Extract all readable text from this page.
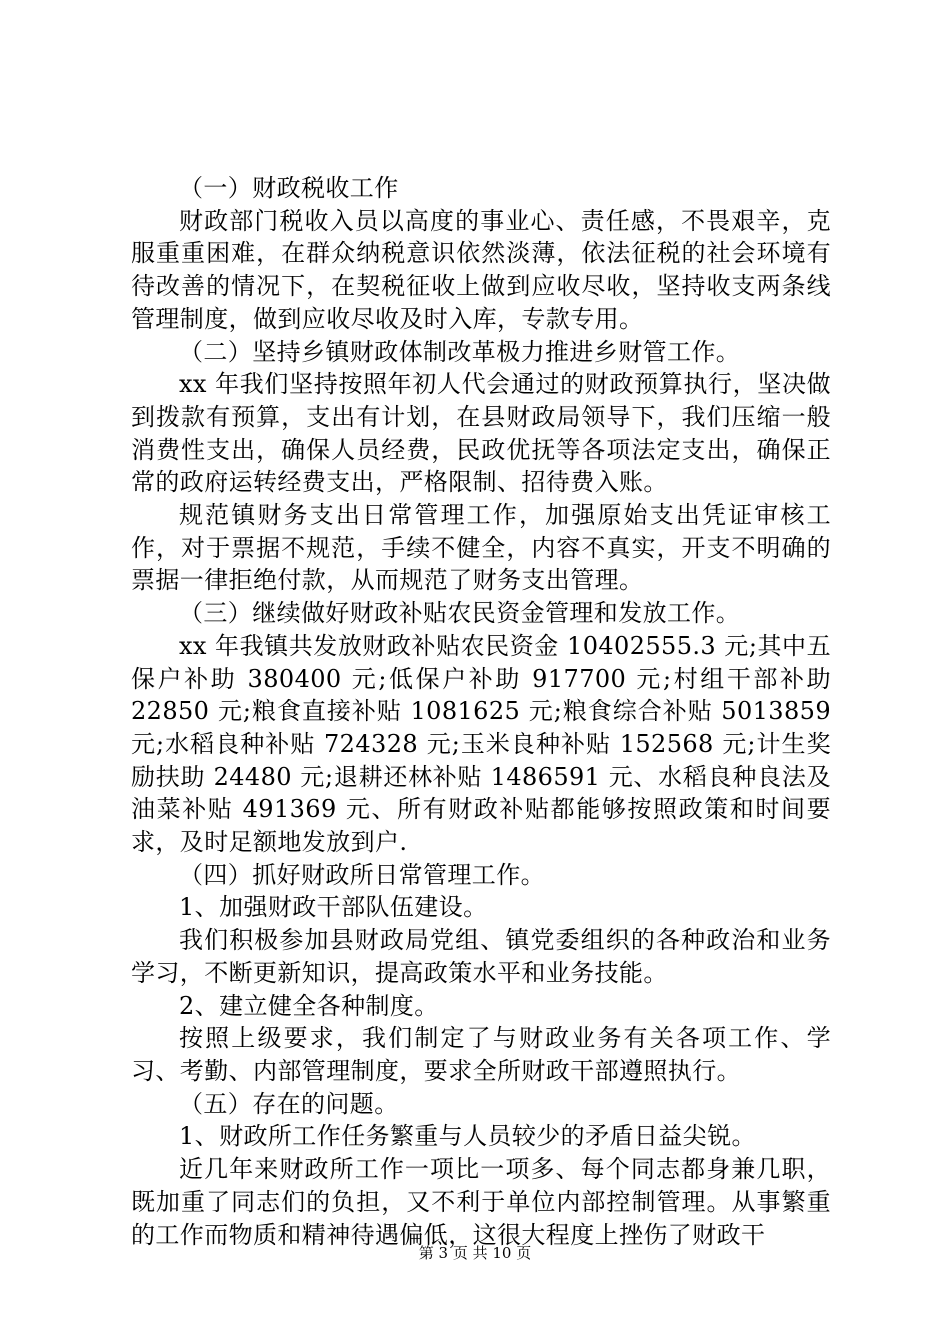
（一）财政税收工作

财政部门税收入员以高度的事业心、责任感，不畏艰辛，克服重重困难，在群众纳税意识依然淡薄，依法征税的社会环境有待改善的情况下，在契税征收上做到应收尽收，坚持收支两条线管理制度，做到应收尽收及时入库，专款专用。

（二）坚持乡镇财政体制改革极力推进乡财管工作。

xx 年我们坚持按照年初人代会通过的财政预算执行，坚决做到拨款有预算，支出有计划，在县财政局领导下，我们压缩一般消费性支出，确保人员经费，民政优抚等各项法定支出，确保正常的政府运转经费支出，严格限制、招待费入账。

规范镇财务支出日常管理工作，加强原始支出凭证审核工作，对于票据不规范，手续不健全，内容不真实，开支不明确的票据一律拒绝付款，从而规范了财务支出管理。

（三）继续做好财政补贴农民资金管理和发放工作。

xx 年我镇共发放财政补贴农民资金 10402555.3 元;其中五保户补助 380400 元;低保户补助 917700 元;村组干部补助 22850 元;粮食直接补贴 1081625 元;粮食综合补贴 5013859 元;水稻良种补贴 724328 元;玉米良种补贴 152568 元;计生奖励扶助 24480 元;退耕还林补贴 1486591 元、水稻良种良法及油菜补贴 491369 元、所有财政补贴都能够按照政策和时间要求，及时足额地发放到户.

（四）抓好财政所日常管理工作。

1、加强财政干部队伍建设。

我们积极参加县财政局党组、镇党委组织的各种政治和业务学习，不断更新知识，提高政策水平和业务技能。

2、建立健全各种制度。

按照上级要求，我们制定了与财政业务有关各项工作、学习、考勤、内部管理制度，要求全所财政干部遵照执行。

（五）存在的问题。

1、财政所工作任务繁重与人员较少的矛盾日益尖锐。

近几年来财政所工作一项比一项多、每个同志都身兼几职，既加重了同志们的负担，又不利于单位内部控制管理。从事繁重的工作而物质和精神待遇偏低，这很大程度上挫伤了财政干

第 3 页 共 10 页
